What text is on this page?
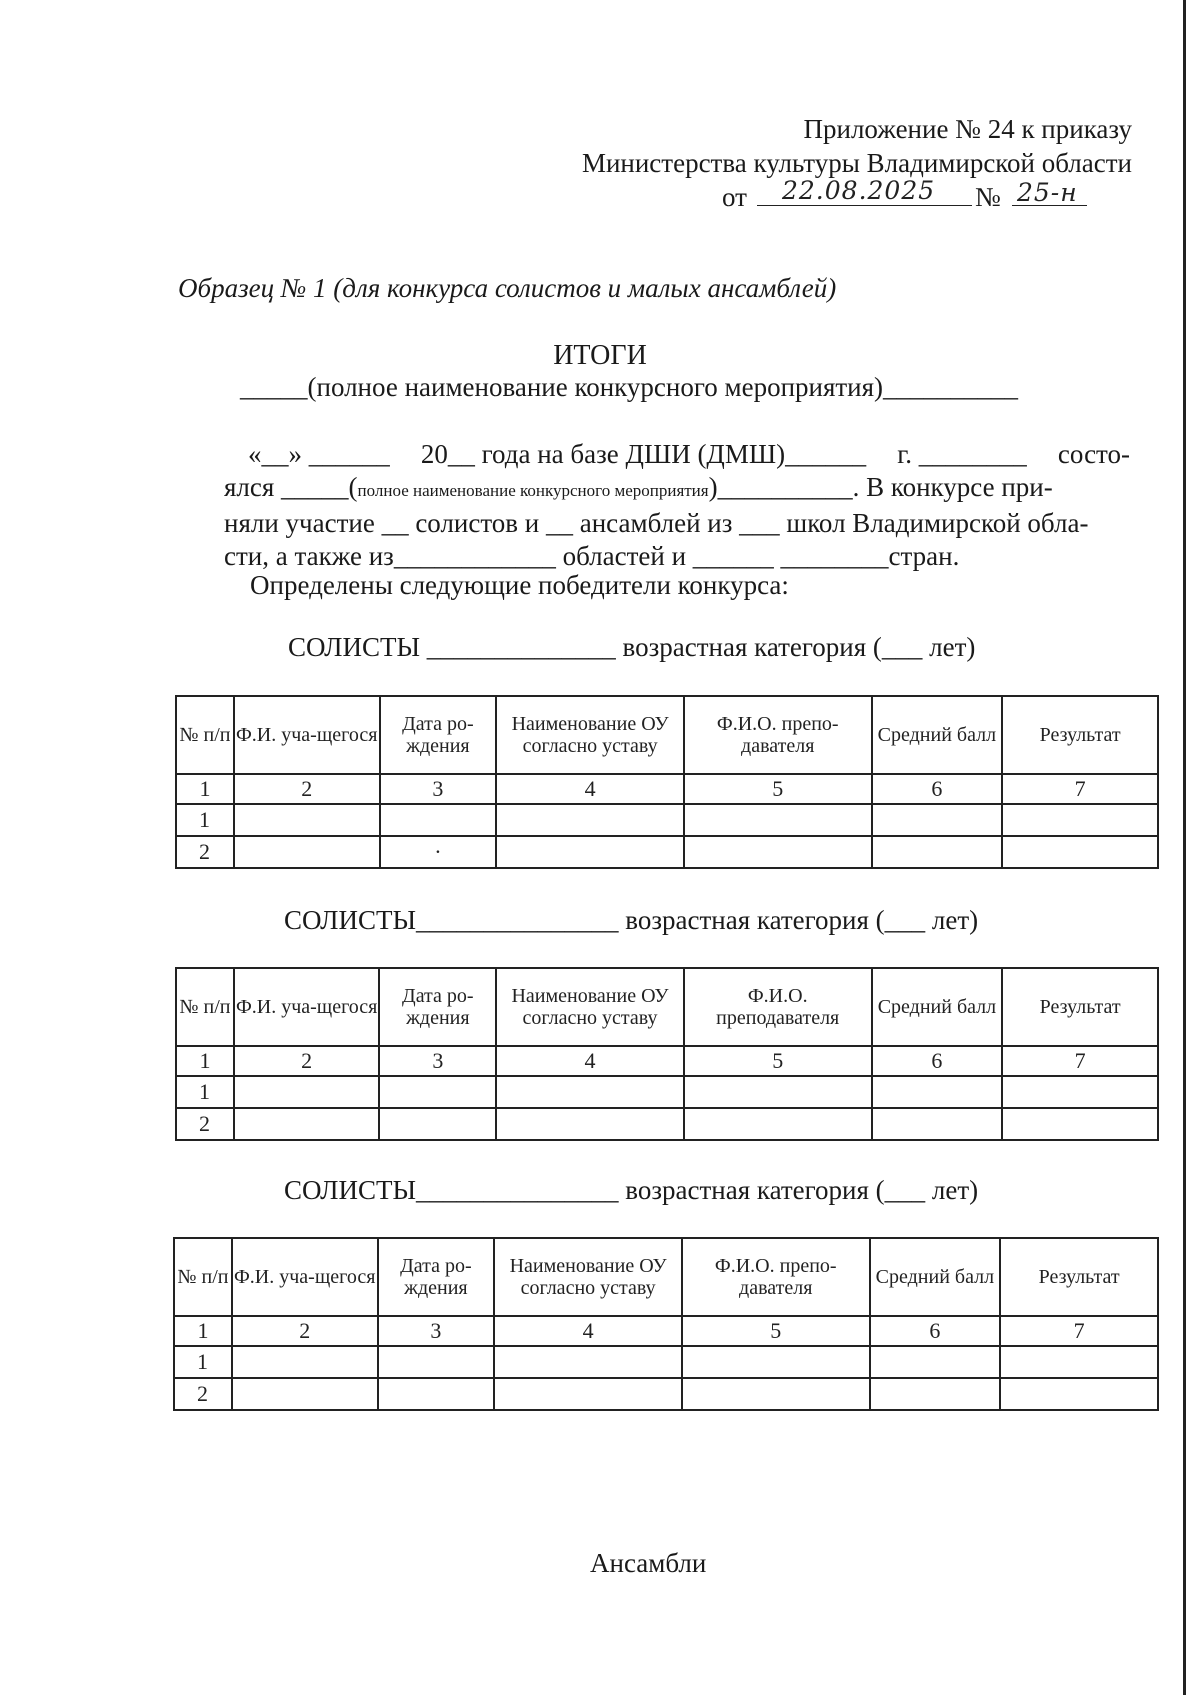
Приложение № 24 к приказу
Министерства культуры Владимирской области
от 22.08.2025 № 25-н
Образец № 1 (для конкурса солистов и малых ансамблей)
ИТОГИ
_____(полное наименование конкурсного мероприятия)__________
«__» ______ 20__ года на базе ДШИ (ДМШ)______ г. ________ состо-
ялся _____(полное наименование конкурсного мероприятия)__________. В конкурсе при-
няли участие __ солистов и __ ансамблей из ___ школ Владимирской обла-
сти, а также из____________ областей и ______ ________стран.
Определены следующие победители конкурса:
СОЛИСТЫ ______________ возрастная категория (___ лет)
№ п/п	Ф.И. уча-щегося	Дата ро-ждения	Наименование ОУ согласно уставу	Ф.И.О. препо-давателя	Средний балл	Результат
1	2	3	4	5	6	7
1						
2		·				
СОЛИСТЫ_______________ возрастная категория (___ лет)
№ п/п	Ф.И. уча-щегося	Дата ро-ждения	Наименование ОУ согласно уставу	Ф.И.О. преподавателя	Средний балл	Результат
1	2	3	4	5	6	7
1						
2						
СОЛИСТЫ_______________ возрастная категория (___ лет)
№ п/п	Ф.И. уча-щегося	Дата ро-ждения	Наименование ОУ согласно уставу	Ф.И.О. препо-давателя	Средний балл	Результат
1	2	3	4	5	6	7
1						
2						
Ансамбли
